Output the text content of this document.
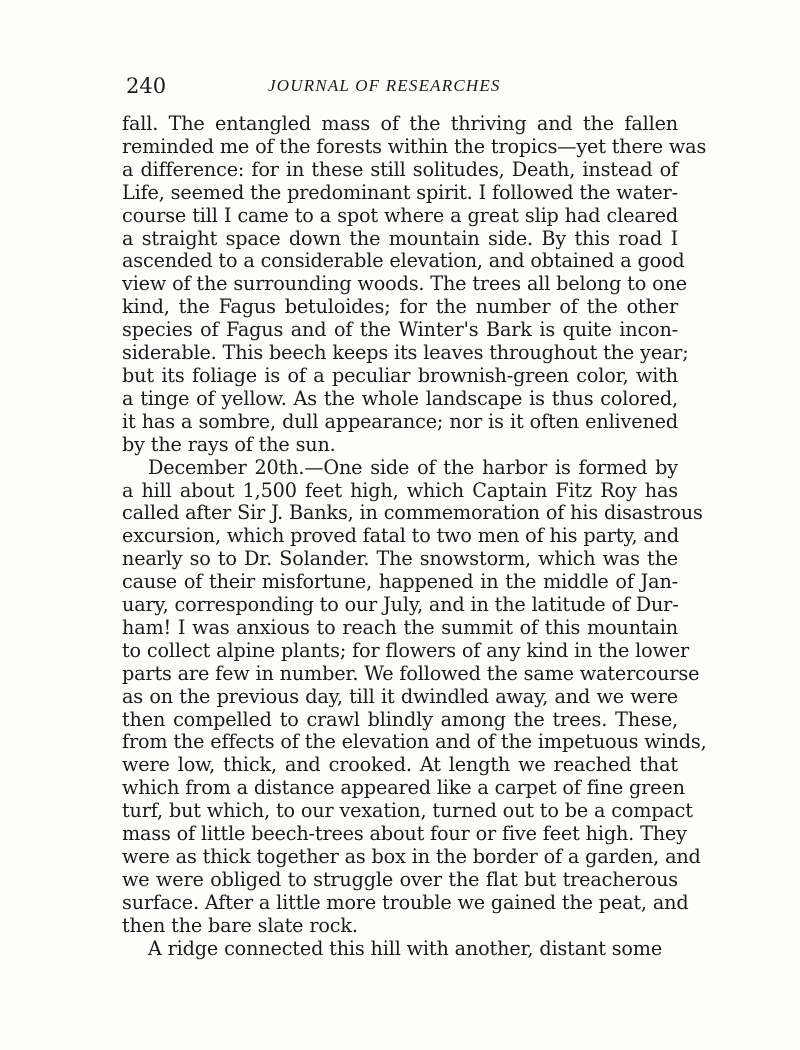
240	JOURNAL OF RESEARCHES
fall. The entangled mass of the thriving and the fallen
reminded me of the forests within the tropics—yet there was
a difference: for in these still solitudes, Death, instead of
Life, seemed the predominant spirit. I followed the water-
course till I came to a spot where a great slip had cleared
a straight space down the mountain side. By this road I
ascended to a considerable elevation, and obtained a good
view of the surrounding woods. The trees all belong to one
kind, the Fagus betuloides; for the number of the other
species of Fagus and of the Winter's Bark is quite incon-
siderable. This beech keeps its leaves throughout the year;
but its foliage is of a peculiar brownish-green color, with
a tinge of yellow. As the whole landscape is thus colored,
it has a sombre, dull appearance; nor is it often enlivened
by the rays of the sun.
December 20th.—One side of the harbor is formed by
a hill about 1,500 feet high, which Captain Fitz Roy has
called after Sir J. Banks, in commemoration of his disastrous
excursion, which proved fatal to two men of his party, and
nearly so to Dr. Solander. The snowstorm, which was the
cause of their misfortune, happened in the middle of Jan-
uary, corresponding to our July, and in the latitude of Dur-
ham! I was anxious to reach the summit of this mountain
to collect alpine plants; for flowers of any kind in the lower
parts are few in number. We followed the same watercourse
as on the previous day, till it dwindled away, and we were
then compelled to crawl blindly among the trees. These,
from the effects of the elevation and of the impetuous winds,
were low, thick, and crooked. At length we reached that
which from a distance appeared like a carpet of fine green
turf, but which, to our vexation, turned out to be a compact
mass of little beech-trees about four or five feet high. They
were as thick together as box in the border of a garden, and
we were obliged to struggle over the flat but treacherous
surface. After a little more trouble we gained the peat, and
then the bare slate rock.
A ridge connected this hill with another, distant some
